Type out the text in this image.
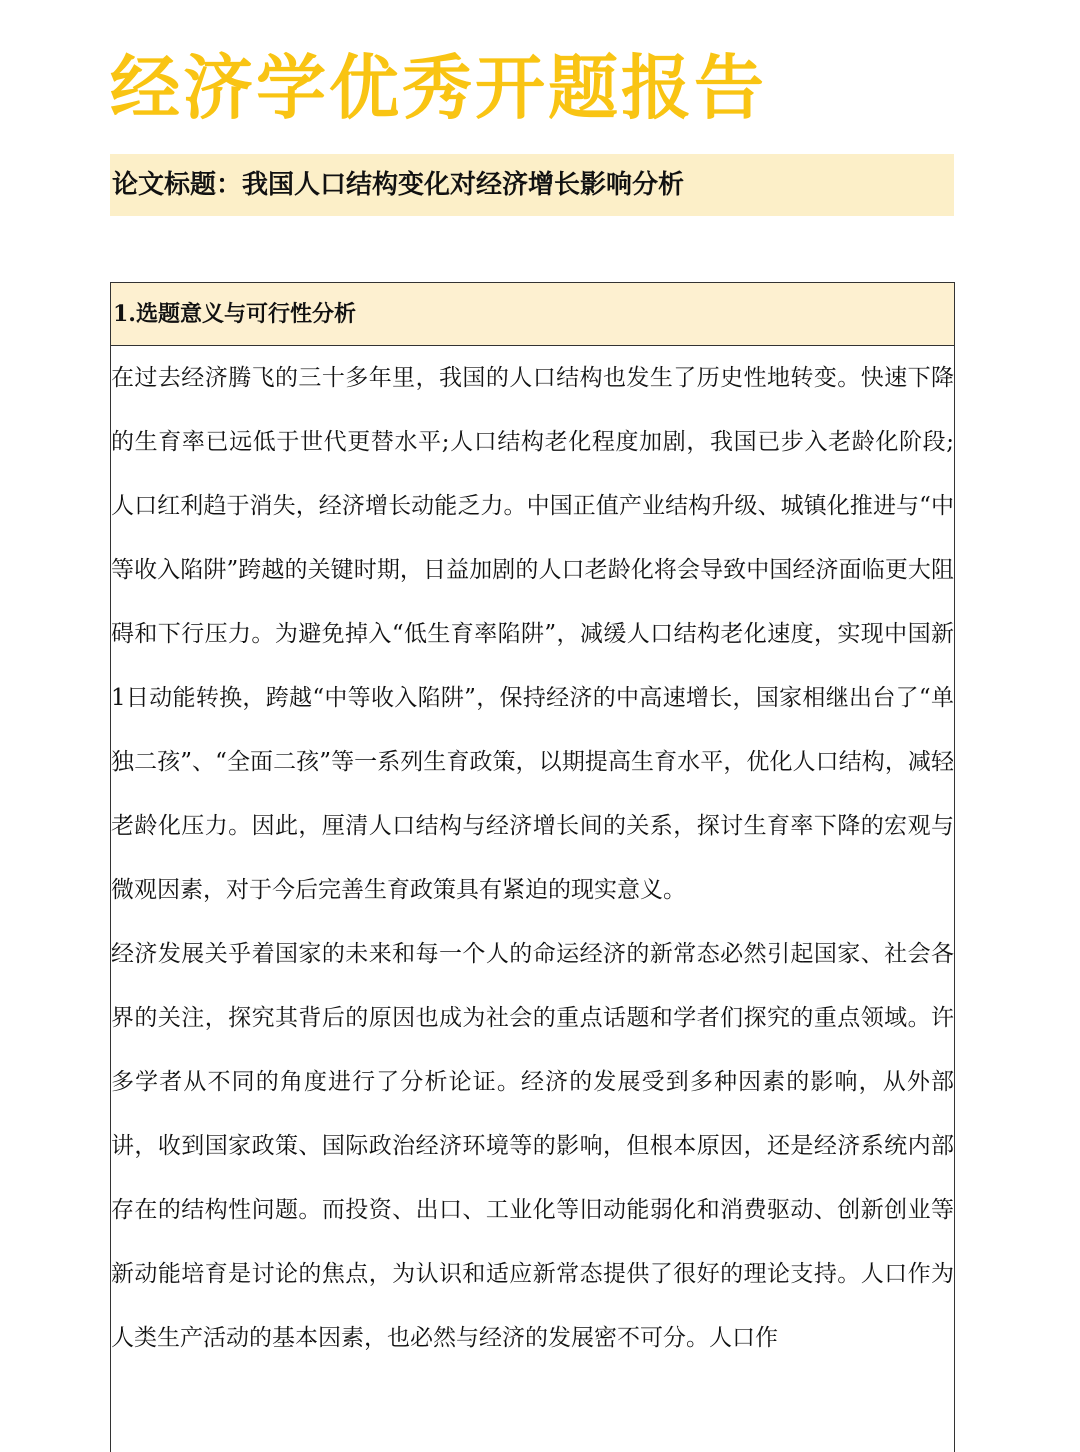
经济学优秀开题报告
论文标题：我国人口结构变化对经济增长影响分析
1.选题意义与可行性分析

在过去经济腾飞的三十多年里，我国的人口结构也发生了历史性地转变。快速下降的生育率已远低于世代更替水平;人口结构老化程度加剧，我国已步入老龄化阶段;人口红利趋于消失，经济增长动能乏力。中国正值产业结构升级、城镇化推进与“中等收入陷阱”跨越的关键时期，日益加剧的人口老龄化将会导致中国经济面临更大阻碍和下行压力。为避免掉入“低生育率陷阱”，减缓人口结构老化速度，实现中国新1日动能转换，跨越“中等收入陷阱”，保持经济的中高速增长，国家相继出台了“单独二孩”、“全面二孩”等一系列生育政策，以期提高生育水平，优化人口结构，减轻老龄化压力。因此，厘清人口结构与经济增长间的关系，探讨生育率下降的宏观与微观因素，对于今后完善生育政策具有紧迫的现实意义。

经济发展关乎着国家的未来和每一个人的命运经济的新常态必然引起国家、社会各界的关注，探究其背后的原因也成为社会的重点话题和学者们探究的重点领域。许多学者从不同的角度进行了分析论证。经济的发展受到多种因素的影响，从外部讲，收到国家政策、国际政治经济环境等的影响，但根本原因，还是经济系统内部存在的结构性问题。而投资、出口、工业化等旧动能弱化和消费驱动、创新创业等新动能培育是讨论的焦点，为认识和适应新常态提供了很好的理论支持。人口作为人类生产活动的基本因素，也必然与经济的发展密不可分。人口作
